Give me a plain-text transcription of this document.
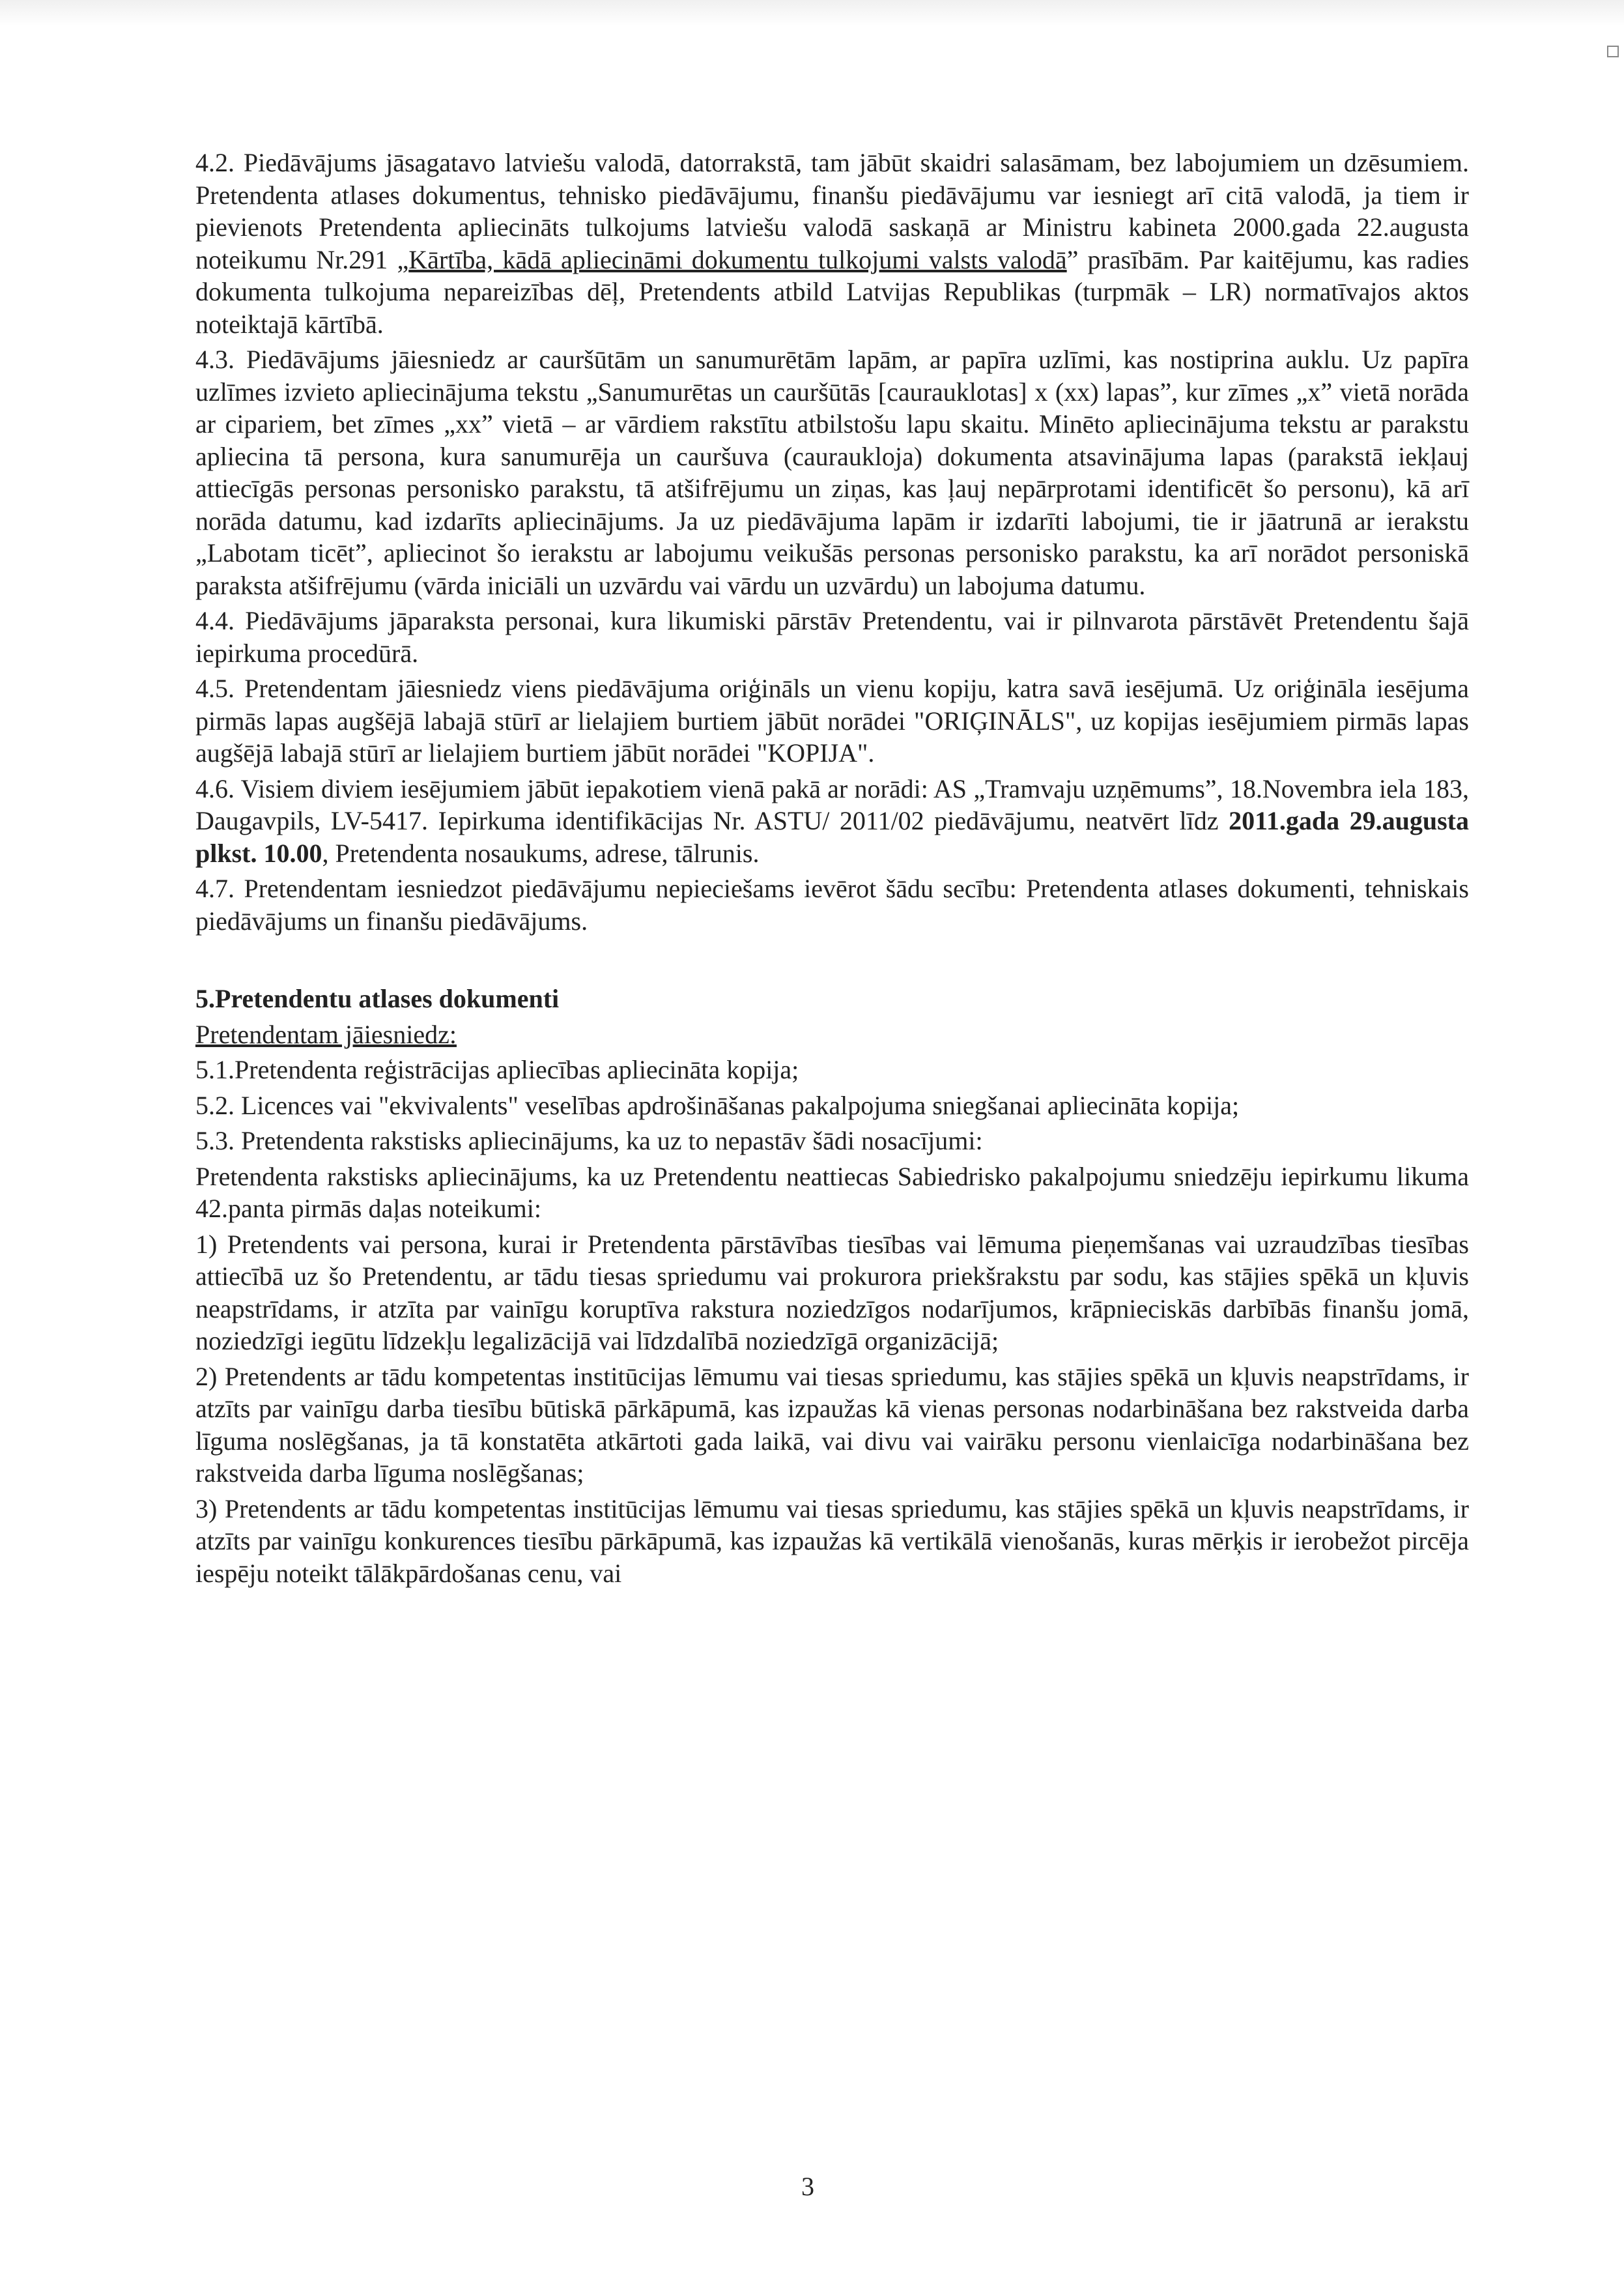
4.2. Piedāvājums jāsagatavo latviešu valodā, datorrakstā, tam jābūt skaidri salasāmam, bez labojumiem un dzēsumiem. Pretendenta atlases dokumentus, tehnisko piedāvājumu, finanšu piedāvājumu var iesniegt arī citā valodā, ja tiem ir pievienots Pretendenta apliecināts tulkojums latviešu valodā saskaņā ar Ministru kabineta 2000.gada 22.augusta noteikumu Nr.291 „Kārtība, kādā apliecināmi dokumentu tulkojumi valsts valodā” prasībām. Par kaitējumu, kas radies dokumenta tulkojuma nepareizības dēļ, Pretendents atbild Latvijas Republikas (turpmāk – LR) normatīvajos aktos noteiktajā kārtībā.

4.3. Piedāvājums jāiesniedz ar cauršūtām un sanumurētām lapām, ar papīra uzlīmi, kas nostiprina auklu. Uz papīra uzlīmes izvieto apliecinājuma tekstu „Sanumurētas un cauršūtās [caurauklotas] x (xx) lapas”, kur zīmes „x” vietā norāda ar cipariem, bet zīmes „xx” vietā – ar vārdiem rakstītu atbilstošu lapu skaitu. Minēto apliecinājuma tekstu ar parakstu apliecina tā persona, kura sanumurēja un cauršuva (cauraukloja) dokumenta atsavinājuma lapas (parakstā iekļauj attiecīgās personas personisko parakstu, tā atšifrējumu un ziņas, kas ļauj nepārprotami identificēt šo personu), kā arī norāda datumu, kad izdarīts apliecinājums. Ja uz piedāvājuma lapām ir izdarīti labojumi, tie ir jāatrunā ar ierakstu „Labotam ticēt”, apliecinot šo ierakstu ar labojumu veikušās personas personisko parakstu, ka arī norādot personiskā paraksta atšifrējumu (vārda iniciāli un uzvārdu vai vārdu un uzvārdu) un labojuma datumu.

4.4. Piedāvājums jāparaksta personai, kura likumiski pārstāv Pretendentu, vai ir pilnvarota pārstāvēt Pretendentu šajā iepirkuma procedūrā.

4.5. Pretendentam jāiesniedz viens piedāvājuma oriģināls un vienu kopiju, katra savā iesējumā. Uz oriģināla iesējuma pirmās lapas augšējā labajā stūrī ar lielajiem burtiem jābūt norādei "ORIĢINĀLS", uz kopijas iesējumiem pirmās lapas augšējā labajā stūrī ar lielajiem burtiem jābūt norādei "KOPIJA".

4.6. Visiem diviem iesējumiem jābūt iepakotiem vienā pakā ar norādi: AS „Tramvaju uzņēmums”, 18.Novembra iela 183, Daugavpils, LV-5417. Iepirkuma identifikācijas Nr. ASTU/ 2011/02 piedāvājumu, neatvērt līdz 2011.gada 29.augusta plkst. 10.00, Pretendenta nosaukums, adrese, tālrunis.

4.7. Pretendentam iesniedzot piedāvājumu nepieciešams ievērot šādu secību: Pretendenta atlases dokumenti, tehniskais piedāvājums un finanšu piedāvājums.

5.Pretendentu atlases dokumenti

Pretendentam jāiesniedz:

5.1.Pretendenta reģistrācijas apliecības apliecināta kopija;

5.2. Licences vai "ekvivalents" veselības apdrošināšanas pakalpojuma sniegšanai apliecināta kopija;

5.3. Pretendenta rakstisks apliecinājums, ka uz to nepastāv šādi nosacījumi:

Pretendenta rakstisks apliecinājums, ka uz Pretendentu neattiecas Sabiedrisko pakalpojumu sniedzēju iepirkumu likuma 42.panta pirmās daļas noteikumi:

1) Pretendents vai persona, kurai ir Pretendenta pārstāvības tiesības vai lēmuma pieņemšanas vai uzraudzības tiesības attiecībā uz šo Pretendentu, ar tādu tiesas spriedumu vai prokurora priekšrakstu par sodu, kas stājies spēkā un kļuvis neapstrīdams, ir atzīta par vainīgu koruptīva rakstura noziedzīgos nodarījumos, krāpnieciskās darbībās finanšu jomā, noziedzīgi iegūtu līdzekļu legalizācijā vai līdzdalībā noziedzīgā organizācijā;

2) Pretendents ar tādu kompetentas institūcijas lēmumu vai tiesas spriedumu, kas stājies spēkā un kļuvis neapstrīdams, ir atzīts par vainīgu darba tiesību būtiskā pārkāpumā, kas izpaužas kā vienas personas nodarbināšana bez rakstveida darba līguma noslēgšanas, ja tā konstatēta atkārtoti gada laikā, vai divu vai vairāku personu vienlaicīga nodarbināšana bez rakstveida darba līguma noslēgšanas;

3) Pretendents ar tādu kompetentas institūcijas lēmumu vai tiesas spriedumu, kas stājies spēkā un kļuvis neapstrīdams, ir atzīts par vainīgu konkurences tiesību pārkāpumā, kas izpaužas kā vertikālā vienošanās, kuras mērķis ir ierobežot pircēja iespēju noteikt tālākpārdošanas cenu, vai

3
